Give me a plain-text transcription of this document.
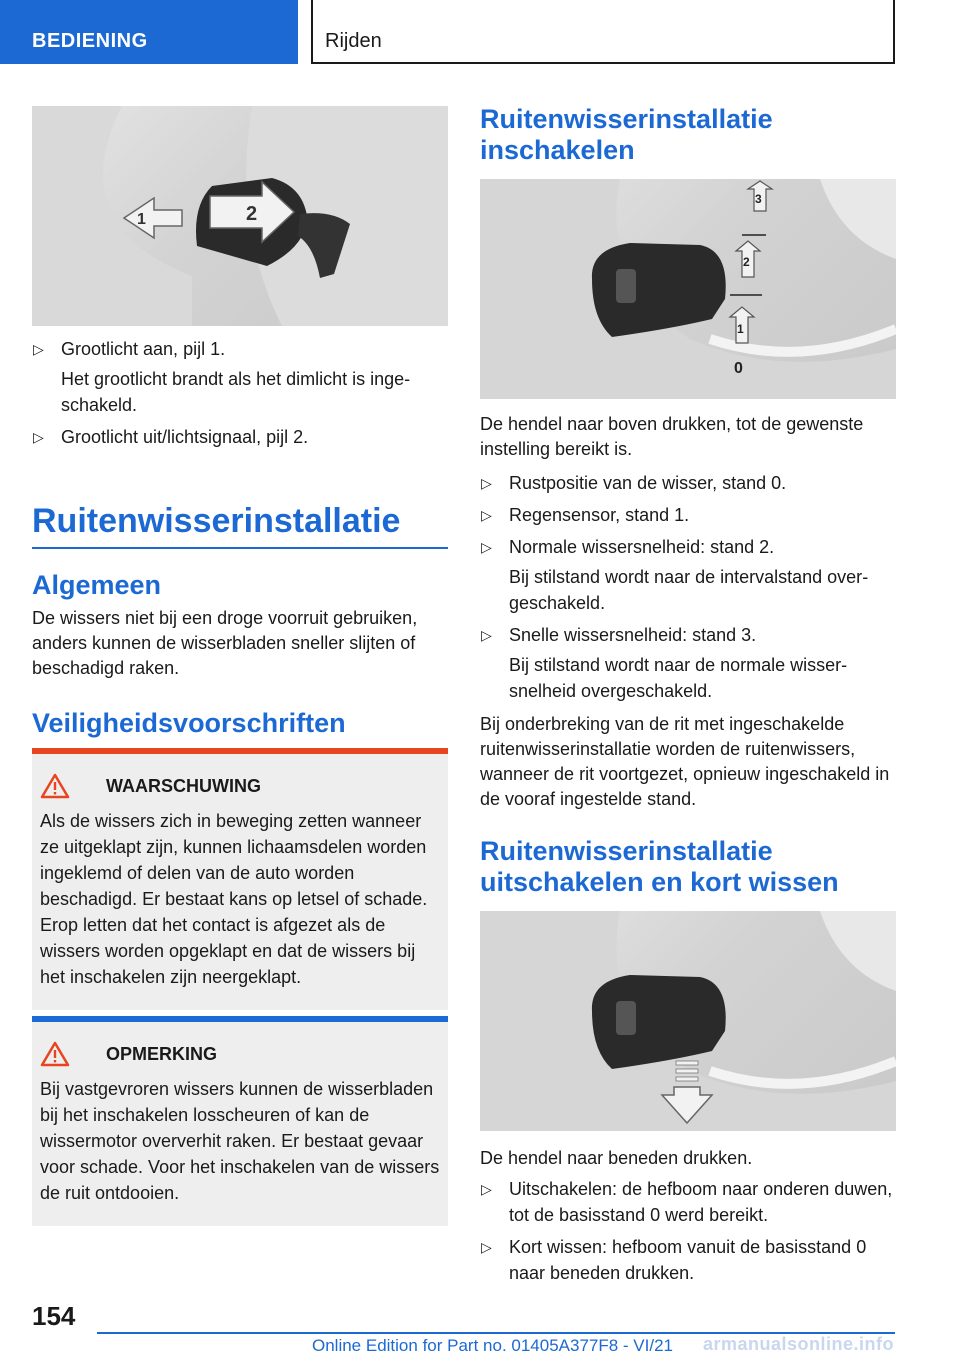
BEDIENING	Rijden
1	2
▷ Grootlicht aan, pijl 1.
Het grootlicht brandt als het dimlicht is ingeschakeld.
▷ Grootlicht uit/lichtsignaal, pijl 2.
Ruitenwisserinstallatie
Algemeen

De wissers niet bij een droge voorruit gebruiken, anders kunnen de wisserbladen sneller slijten of beschadigd raken.

Veiligheidsvoorschriften
WAARSCHUWING
Als de wissers zich in beweging zetten wanneer ze uitgeklapt zijn, kunnen lichaamsdelen worden ingeklemd of delen van de auto worden beschadigd. Er bestaat kans op letsel of schade. Erop letten dat het contact is afgezet als de wissers worden opgeklapt en dat de wissers bij het inschakelen zijn neergeklapt.
OPMERKING
Bij vastgevroren wissers kunnen de wisserbladen bij het inschakelen losscheuren of kan de wissermotor oververhit raken. Er bestaat gevaar voor schade. Voor het inschakelen van de wissers de ruit ontdooien.
Ruitenwisserinstallatie inschakelen
3
2
1
0

De hendel naar boven drukken, tot de gewenste instelling bereikt is.

▷ Rustpositie van de wisser, stand 0.
▷ Regensensor, stand 1.
▷ Normale wissersnelheid: stand 2.
Bij stilstand wordt naar de intervalstand overgeschakeld.
▷ Snelle wissersnelheid: stand 3.
Bij stilstand wordt naar de normale wissersnelheid overgeschakeld.

Bij onderbreking van de rit met ingeschakelde ruitenwisserinstallatie worden de ruitenwissers, wanneer de rit voortgezet, opnieuw ingeschakeld in de vooraf ingestelde stand.

Ruitenwisserinstallatie uitschakelen en kort wissen

De hendel naar beneden drukken.

▷ Uitschakelen: de hefboom naar onderen duwen, tot de basisstand 0 werd bereikt.
▷ Kort wissen: hefboom vanuit de basisstand 0 naar beneden drukken.
154
Online Edition for Part no. 01405A377F8 - VI/21 armanualsonline.info
